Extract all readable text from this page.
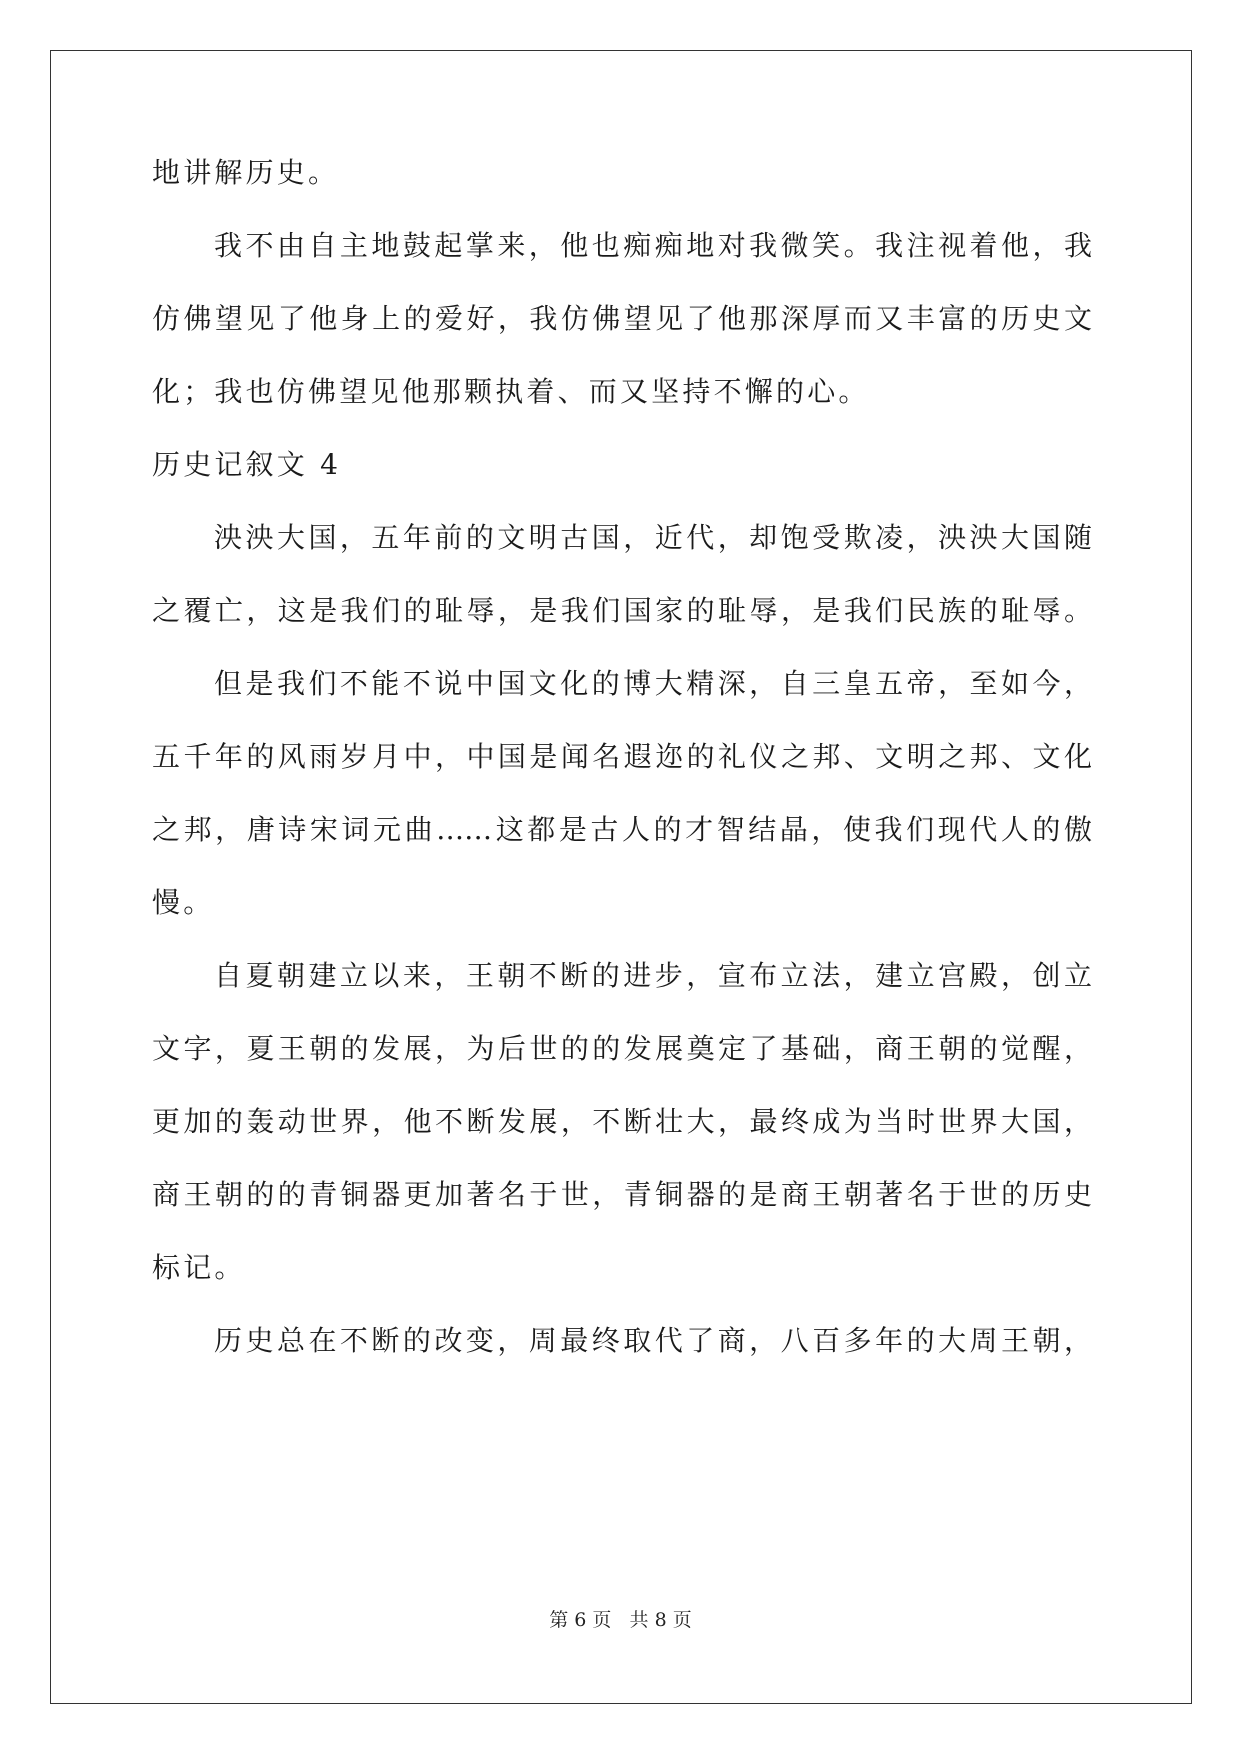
地讲解历史。
我不由自主地鼓起掌来，他也痴痴地对我微笑。我注视着他，我
仿佛望见了他身上的爱好，我仿佛望见了他那深厚而又丰富的历史文
化；我也仿佛望见他那颗执着、而又坚持不懈的心。
历史记叙文 4
泱泱大国，五年前的文明古国，近代，却饱受欺凌，泱泱大国随
之覆亡，这是我们的耻辱，是我们国家的耻辱，是我们民族的耻辱。
但是我们不能不说中国文化的博大精深，自三皇五帝，至如今，
五千年的风雨岁月中，中国是闻名遐迩的礼仪之邦、文明之邦、文化
之邦，唐诗宋词元曲……这都是古人的才智结晶，使我们现代人的傲
慢。
自夏朝建立以来，王朝不断的进步，宣布立法，建立宫殿，创立
文字，夏王朝的发展，为后世的的发展奠定了基础，商王朝的觉醒，
更加的轰动世界，他不断发展，不断壮大，最终成为当时世界大国，
商王朝的的青铜器更加著名于世，青铜器的是商王朝著名于世的历史
标记。
历史总在不断的改变，周最终取代了商，八百多年的大周王朝，
第 6 页   共 8 页
